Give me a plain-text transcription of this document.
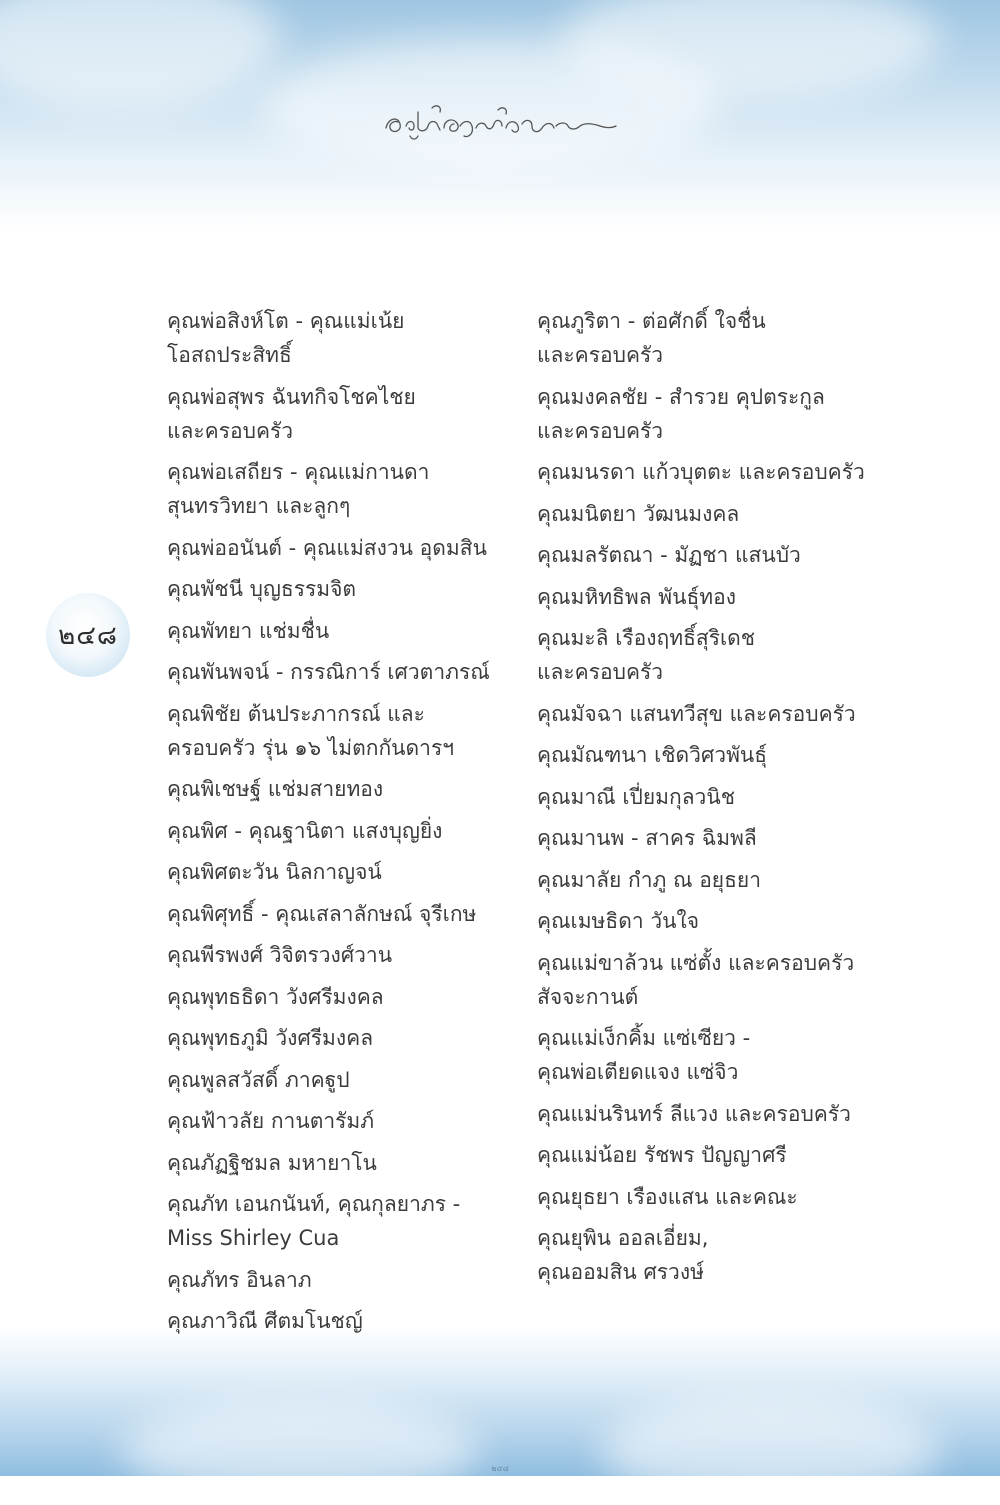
๒๔๘
คุณพ่อสิงห์โต - คุณแม่เน้ย
โอสถประสิทธิ์
คุณพ่อสุพร ฉันทกิจโชคไชย
และครอบครัว
คุณพ่อเสถียร - คุณแม่กานดา
สุนทรวิทยา และลูกๆ
คุณพ่ออนันต์ - คุณแม่สงวน อุดมสิน
คุณพัชนี บุญธรรมจิต
คุณพัทยา แช่มชื่น
คุณพันพจน์ - กรรณิการ์ เศวตาภรณ์
คุณพิชัย ต้นประภากรณ์ และ
ครอบครัว รุ่น ๑๖ ไม่ตกกันดารฯ
คุณพิเชษฐ์ แช่มสายทอง
คุณพิศ - คุณฐานิตา แสงบุญยิ่ง
คุณพิศตะวัน นิลกาญจน์
คุณพิศุทธิ์ - คุณเสลาลักษณ์ จุรีเกษ
คุณพีรพงศ์ วิจิตรวงศ์วาน
คุณพุทธธิดา วังศรีมงคล
คุณพุทธภูมิ วังศรีมงคล
คุณพูลสวัสดิ์ ภาคฐูป
คุณฟ้าวลัย กานตารัมภ์
คุณภัฏฐิชมล มหายาโน
คุณภัท เอนกนันท์, คุณกุลยาภร -
Miss Shirley Cua
คุณภัทร อินลาภ
คุณภาวิณี ศีตมโนชญ์
คุณภูริตา - ต่อศักดิ์ ใจชื่น
และครอบครัว
คุณมงคลชัย - สำรวย คุปตระกูล
และครอบครัว
คุณมนรดา แก้วบุตตะ และครอบครัว
คุณมนิตยา วัฒนมงคล
คุณมลรัตณา - มัฏชา แสนบัว
คุณมหิทธิพล พันธุ์ทอง
คุณมะลิ เรืองฤทธิ์สุริเดช
และครอบครัว
คุณมัจฉา แสนทวีสุข และครอบครัว
คุณมัณฑนา เชิดวิศวพันธุ์
คุณมาณี เปี่ยมกุลวนิช
คุณมานพ - สาคร ฉิมพลี
คุณมาลัย กำภู ณ อยุธยา
คุณเมษธิดา วันใจ
คุณแม่ขาล้วน แซ่ตั้ง และครอบครัว
สัจจะกานต์
คุณแม่เง็กคิ้ม แซ่เซียว -
คุณพ่อเตียดแจง แซ่จิว
คุณแม่นรินทร์ ลีแวง และครอบครัว
คุณแม่น้อย รัชพร ปัญญาศรี
คุณยุธยา เรืองแสน และคณะ
คุณยุพิน ออลเอี่ยม,
คุณออมสิน ศรวงษ์
๒๔๘
